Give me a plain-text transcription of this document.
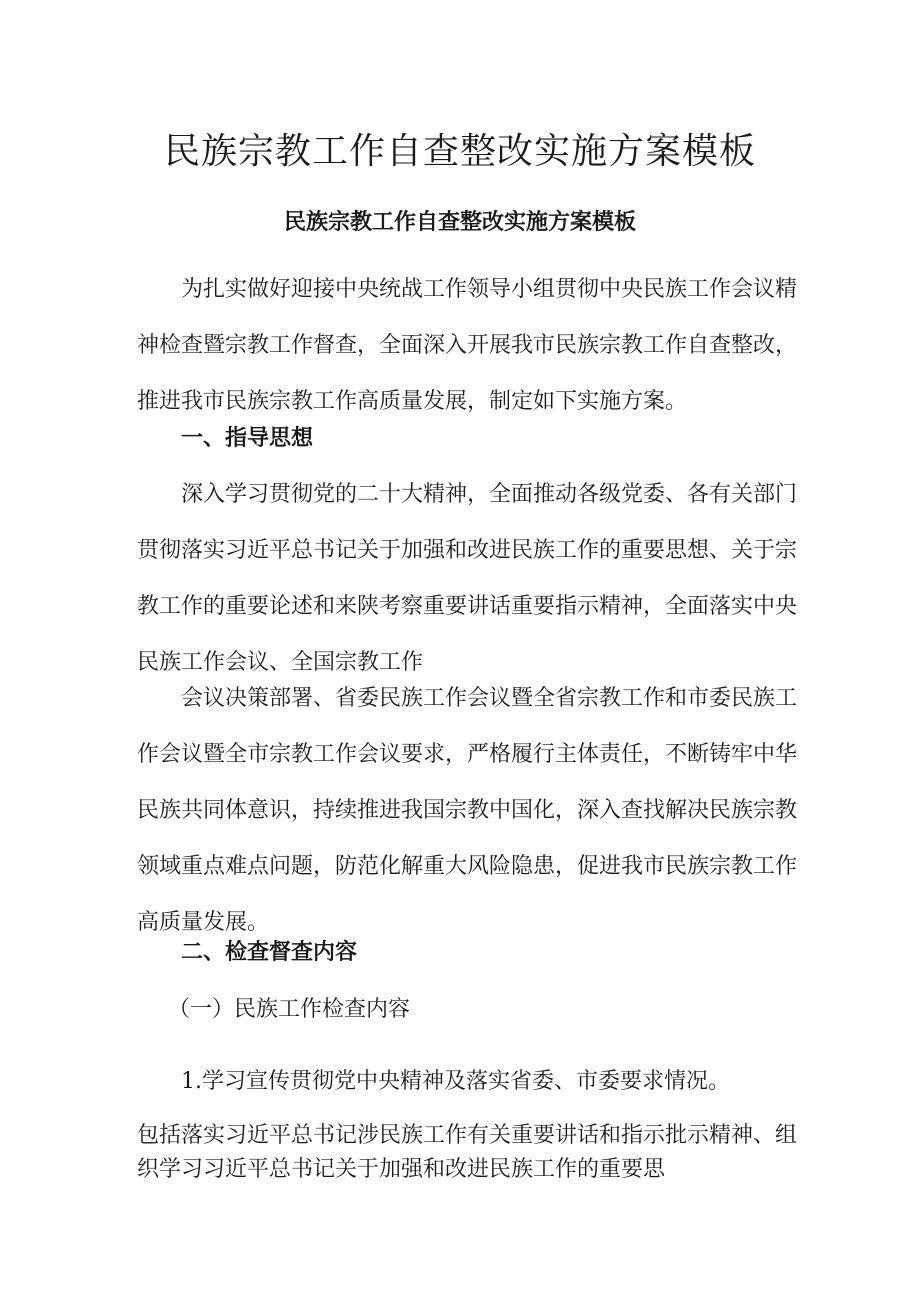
民族宗教工作自查整改实施方案模板
民族宗教工作自查整改实施方案模板

为扎实做好迎接中央统战工作领导小组贯彻中央民族工作会议精神检查暨宗教工作督查，全面深入开展我市民族宗教工作自查整改，推进我市民族宗教工作高质量发展，制定如下实施方案。

一、指导思想

深入学习贯彻党的二十大精神，全面推动各级党委、各有关部门贯彻落实习近平总书记关于加强和改进民族工作的重要思想、关于宗教工作的重要论述和来陕考察重要讲话重要指示精神，全面落实中央民族工作会议、全国宗教工作

会议决策部署、省委民族工作会议暨全省宗教工作和市委民族工作会议暨全市宗教工作会议要求，严格履行主体责任，不断铸牢中华民族共同体意识，持续推进我国宗教中国化，深入查找解决民族宗教领域重点难点问题，防范化解重大风险隐患，促进我市民族宗教工作高质量发展。

二、检查督查内容

（一）民族工作检查内容

1.学习宣传贯彻党中央精神及落实省委、市委要求情况。

包括落实习近平总书记涉民族工作有关重要讲话和指示批示精神、组织学习习近平总书记关于加强和改进民族工作的重要思
